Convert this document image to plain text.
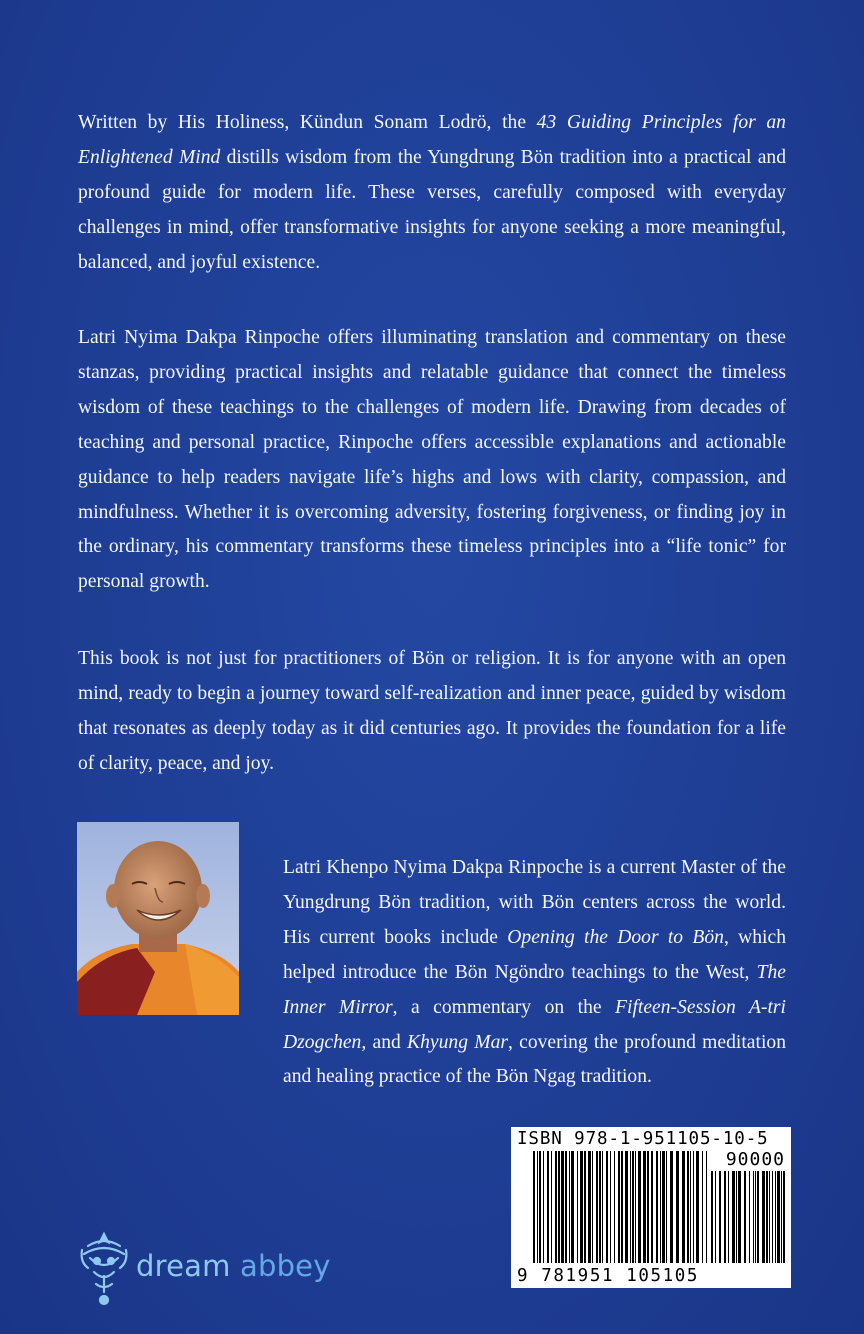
Written by His Holiness, Kündun Sonam Lodrö, the 43 Guiding Principles for an Enlightened Mind distills wisdom from the Yungdrung Bön tradition into a practical and profound guide for modern life. These verses, carefully composed with everyday challenges in mind, offer transformative insights for anyone seeking a more meaningful, balanced, and joyful existence.

Latri Nyima Dakpa Rinpoche offers illuminating translation and commentary on these stanzas, providing practical insights and relatable guidance that connect the timeless wisdom of these teachings to the challenges of modern life. Drawing from decades of teaching and personal practice, Rinpoche offers accessible explanations and actionable guidance to help readers navigate life’s highs and lows with clarity, compassion, and mindfulness. Whether it is overcoming adversity, fostering forgiveness, or finding joy in the ordinary, his commentary transforms these timeless principles into a “life tonic” for personal growth.

This book is not just for practitioners of Bön or religion. It is for anyone with an open mind, ready to begin a journey toward self-realization and inner peace, guided by wisdom that resonates as deeply today as it did centuries ago. It provides the foundation for a life of clarity, peace, and joy.

Latri Khenpo Nyima Dakpa Rinpoche is a current Master of the Yungdrung Bön tradition, with Bön centers across the world. His current books include Opening the Door to Bön, which helped introduce the Bön Ngöndro teachings to the West, The Inner Mirror, a commentary on the Fifteen-Session A-tri Dzogchen, and Khyung Mar, covering the profound meditation and healing practice of the Bön Ngag tradition.

ISBN 978-1-951105-10-5
90000
9 781951 105105
dream abbey
